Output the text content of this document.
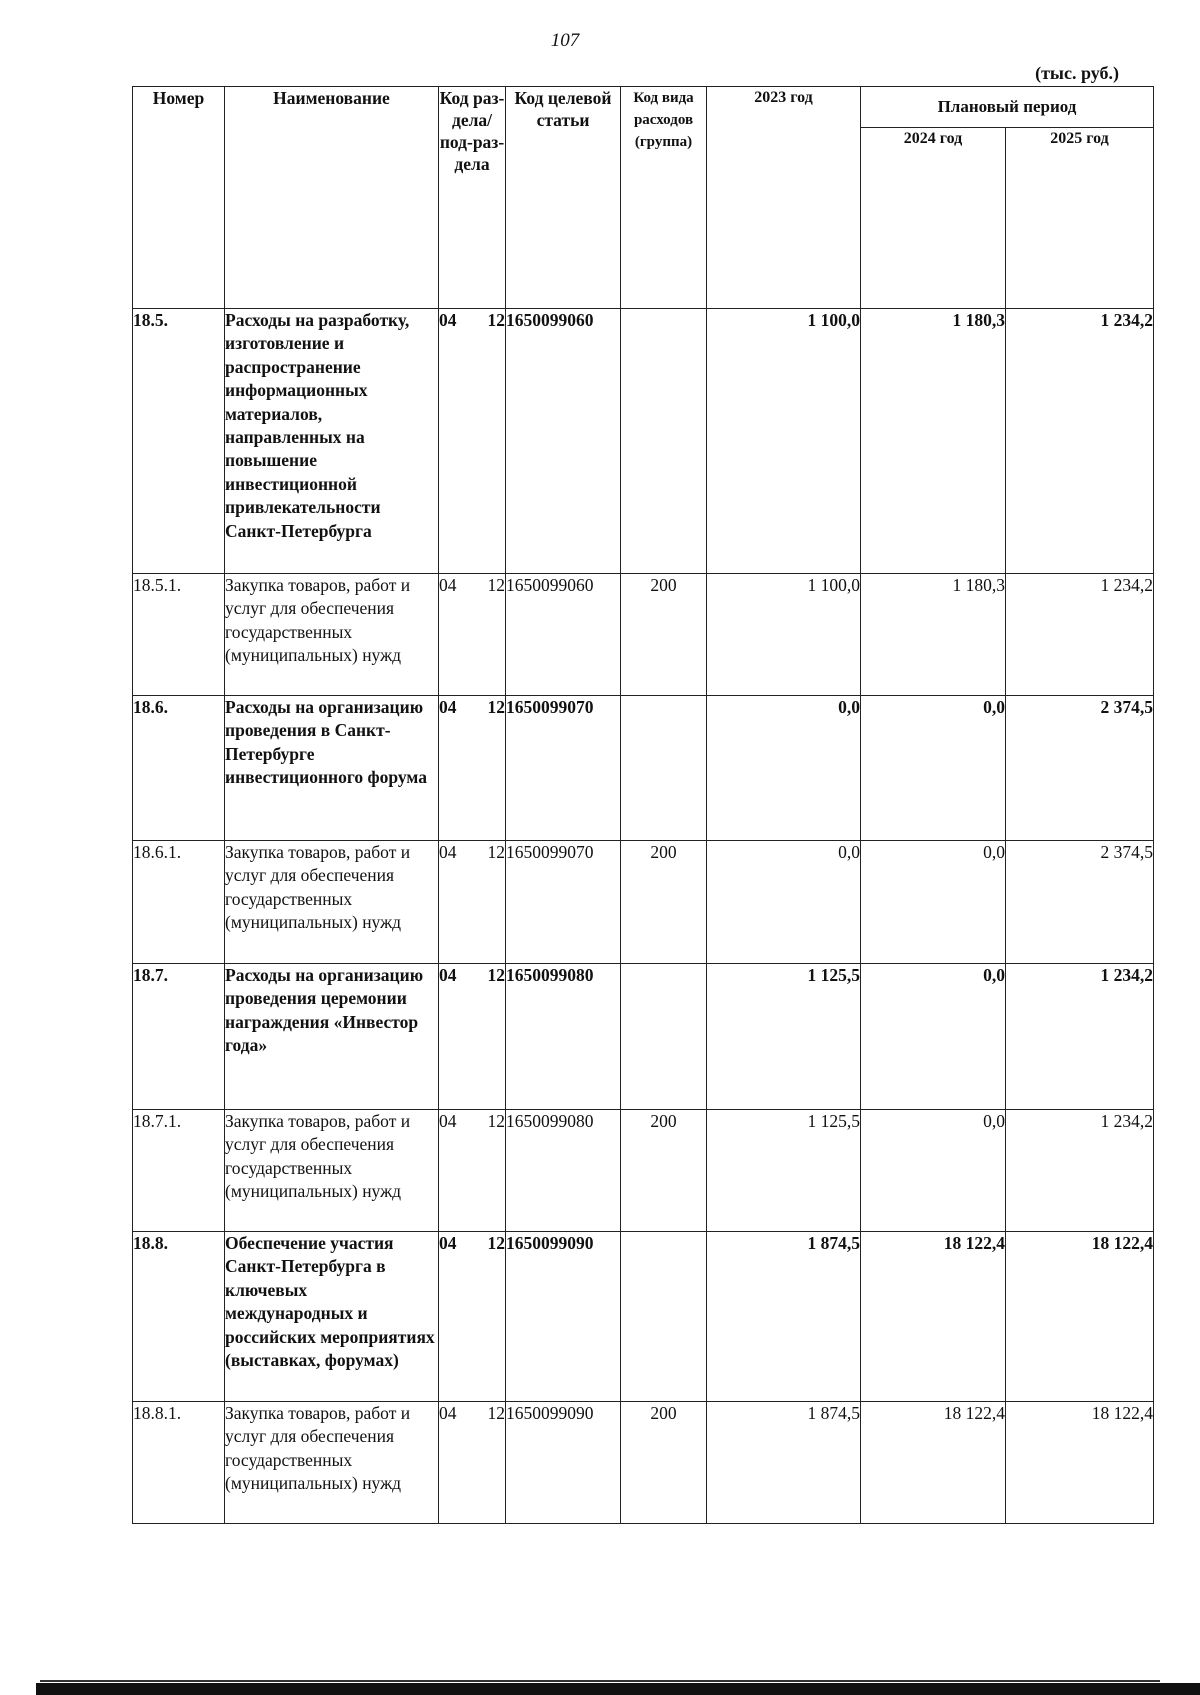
107
(тыс. руб.)
Номер	Наименование	Код раз-дела/ под-раз-дела	Код целевой статьи	Код вида расходов (группа)	2023 год	Плановый период	
						2024 год	2025 год
18.5.	Расходы на разработку, изготовление и распространение информационных материалов, направленных на повышение инвестиционной привлекательности Санкт-Петербурга	04 12	1650099060		1 100,0	1 180,3	1 234,2
18.5.1.	Закупка товаров, работ и услуг для обеспечения государственных (муниципальных) нужд	04 12	1650099060	200	1 100,0	1 180,3	1 234,2
18.6.	Расходы на организацию проведения в Санкт-Петербурге инвестиционного форума	04 12	1650099070		0,0	0,0	2 374,5
18.6.1.	Закупка товаров, работ и услуг для обеспечения государственных (муниципальных) нужд	04 12	1650099070	200	0,0	0,0	2 374,5
18.7.	Расходы на организацию проведения церемонии награждения «Инвестор года»	04 12	1650099080		1 125,5	0,0	1 234,2
18.7.1.	Закупка товаров, работ и услуг для обеспечения государственных (муниципальных) нужд	04 12	1650099080	200	1 125,5	0,0	1 234,2
18.8.	Обеспечение участия Санкт-Петербурга в ключевых международных и российских мероприятиях (выставках, форумах)	04 12	1650099090		1 874,5	18 122,4	18 122,4
18.8.1.	Закупка товаров, работ и услуг для обеспечения государственных (муниципальных) нужд	04 12	1650099090	200	1 874,5	18 122,4	18 122,4
